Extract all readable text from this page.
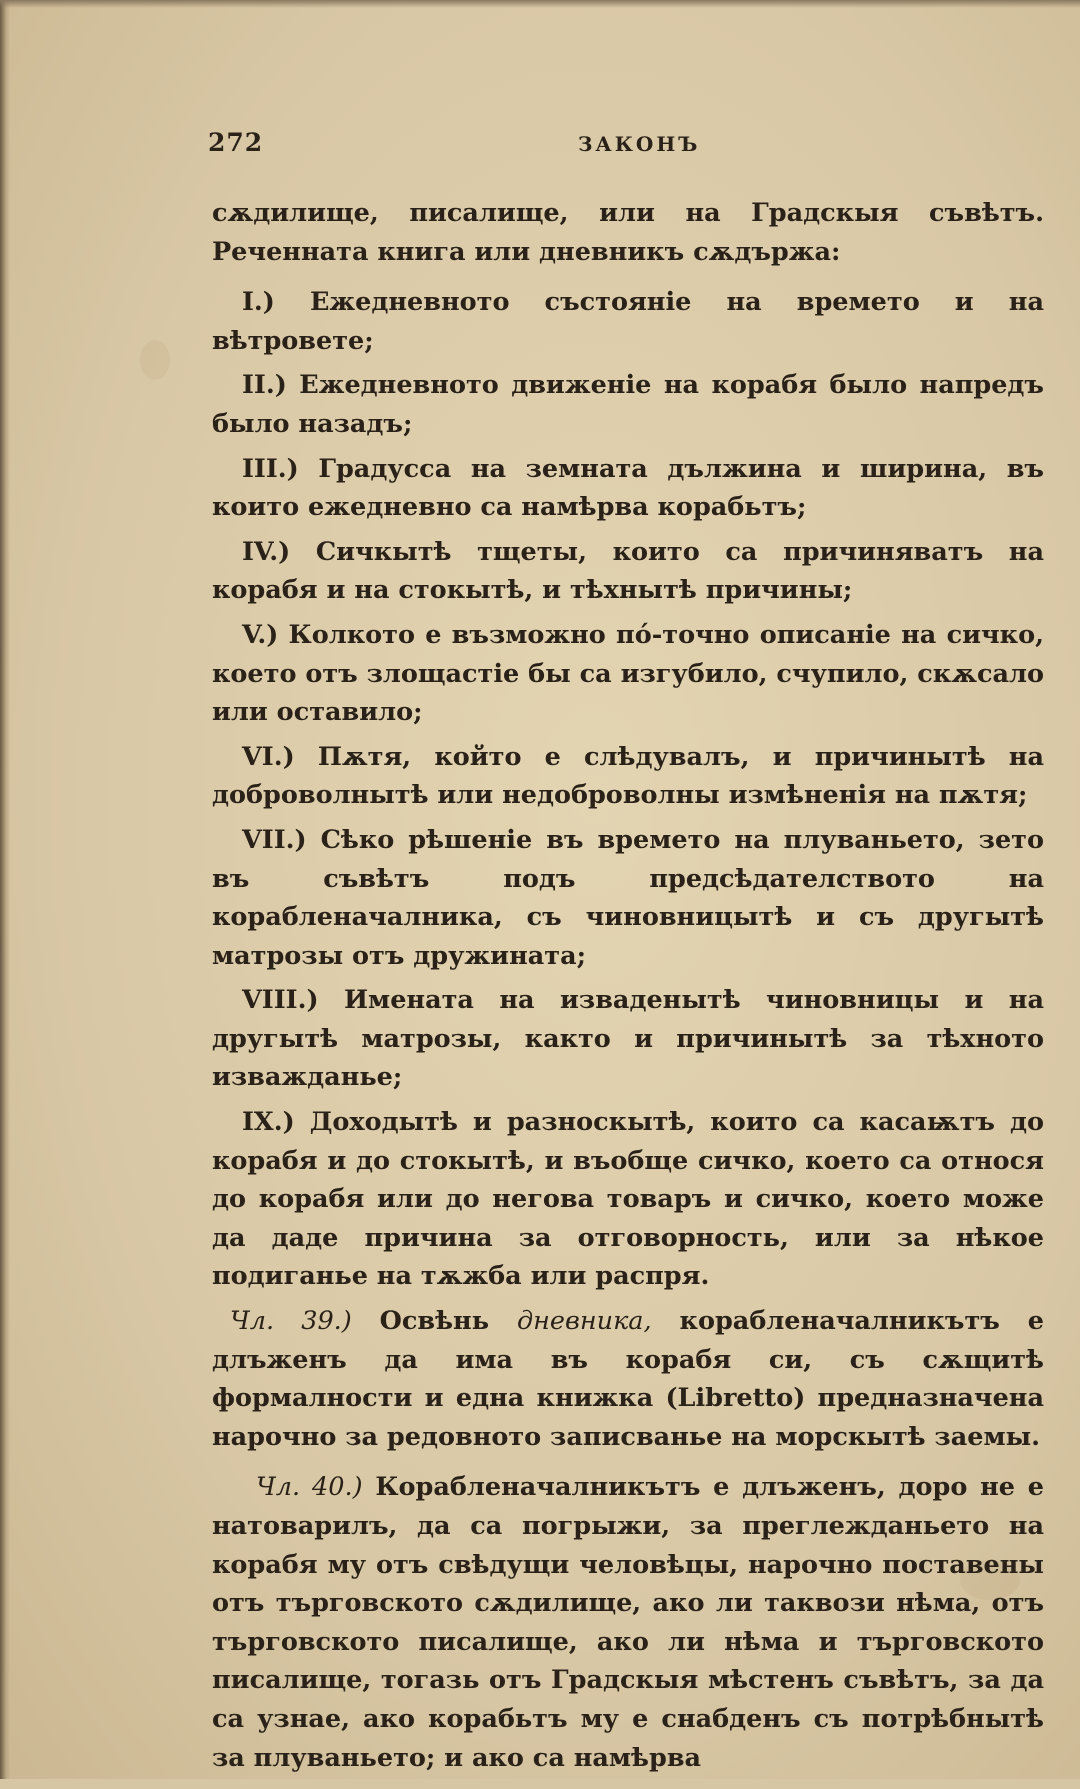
272	ЗАКОНЪ

сѫдилище, писалище, или на Градскыя съвѣтъ. Реченната книга или дневникъ сѫдържа:

I.) Ежедневното състояніе на времето и на вѣтровете;

II.) Ежедневното движеніе на корабя было напредъ было назадъ;

III.) Градусса на земната дължина и ширина, въ които ежедневно са намѣрва корабьтъ;

IV.) Сичкытѣ тщеты, които са причиняватъ на корабя и на стокытѣ, и тѣхнытѣ причины;

V.) Колкото е възможно по́-точно описаніе на сичко, което отъ злощастіе бы са изгубило, счупило, скѫсало или оставило;

VI.) Пѫтя, който е слѣдувалъ, и причинытѣ на доброволнытѣ или недоброволны измѣненія на пѫтя;

VII.) Сѣко рѣшеніе въ времето на плуваньето, зето въ съвѣтъ подъ предсѣдателството на корабленачалника, съ чиновницытѣ и съ другытѣ матрозы отъ дружината;

VIII.) Имената на изваденытѣ чиновницы и на другытѣ матрозы, както и причинытѣ за тѣхното изважданье;

IX.) Доходытѣ и разноскытѣ, които са касаѭтъ до корабя и до стокытѣ, и въобще сичко, което са относя до корабя или до негова товаръ и сичко, което може да даде причина за отговорность, или за нѣкое подиганье на тѫжба или распря.

Чл. 39.) Освѣнь дневника, корабленачалникътъ е длъженъ да има въ корабя си, съ сѫщитѣ формалности и една книжка (Libretto) предназначена нарочно за редовното записванье на морскытѣ заемы.

Чл. 40.) Корабленачалникътъ е длъженъ, доро не е натоварилъ, да са погрыжи, за преглежданьето на корабя му отъ свѣдущи человѣцы, нарочно поставены отъ търговското сѫдилище, ако ли таквози нѣма, отъ търговското писалище, ако ли нѣма и търговското писалище, тогазь отъ Градскыя мѣстенъ съвѣтъ, за да са узнае, ако корабьтъ му е снабденъ съ потрѣбнытѣ за плуваньето; и ако са намѣрва
